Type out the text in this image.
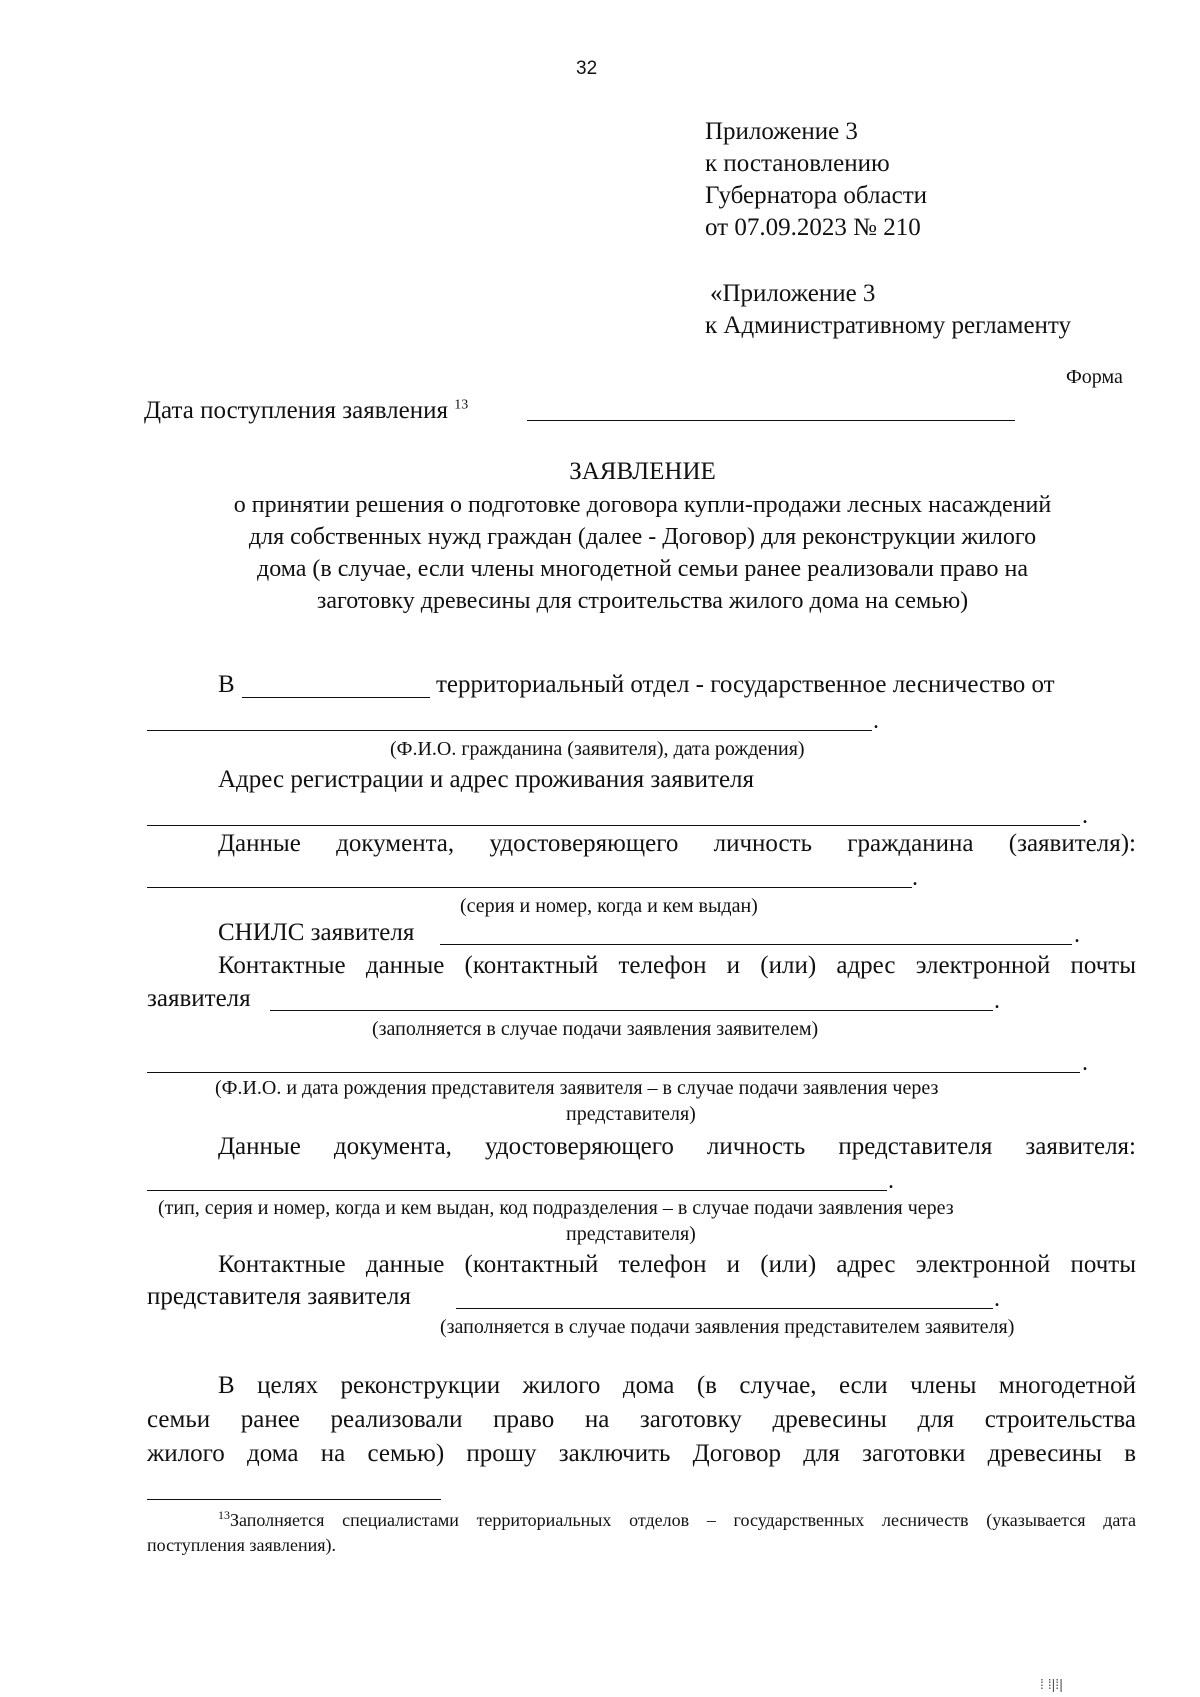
32
Приложение 3
к постановлению
Губернатора области
от 07.09.2023 № 210
«Приложение 3
к Административному регламенту
Форма
Дата поступления заявления $^{13}$
ЗАЯВЛЕНИЕ
о принятии решения о подготовке договора купли-продажи лесных насаждений
для собственных нужд граждан (далее - Договор) для реконструкции жилого
дома (в случае, если члены многодетной семьи ранее реализовали право на
заготовку древесины для строительства жилого дома на семью)
В	территориальный отдел - государственное лесничество от
.
(Ф.И.О. гражданина (заявителя), дата рождения)
Адрес регистрации и адрес проживания заявителя
.
Данные документа, удостоверяющего личность гражданина (заявителя):
.
(серия и номер, когда и кем выдан)
СНИЛС заявителя	.
Контактные данные (контактный телефон и (или) адрес электронной почты
заявителя	.
(заполняется в случае подачи заявления заявителем)
.
(Ф.И.О. и дата рождения представителя заявителя – в случае подачи заявления через
представителя)
Данные документа, удостоверяющего личность представителя заявителя:
.
(тип, серия и номер, когда и кем выдан, код подразделения – в случае подачи заявления через
представителя)
Контактные данные (контактный телефон и (или) адрес электронной почты
представителя заявителя	.
(заполняется в случае подачи заявления представителем заявителя)
В целях реконструкции жилого дома (в случае, если члены многодетной
семьи ранее реализовали право на заготовку древесины для строительства
жилого дома на семью) прошу заключить Договор для заготовки древесины в
$^{13}$Заполняется специалистами территориальных отделов – государственных лесничеств (указывается дата
поступления заявления).
⁞ ⁞|⁞|
